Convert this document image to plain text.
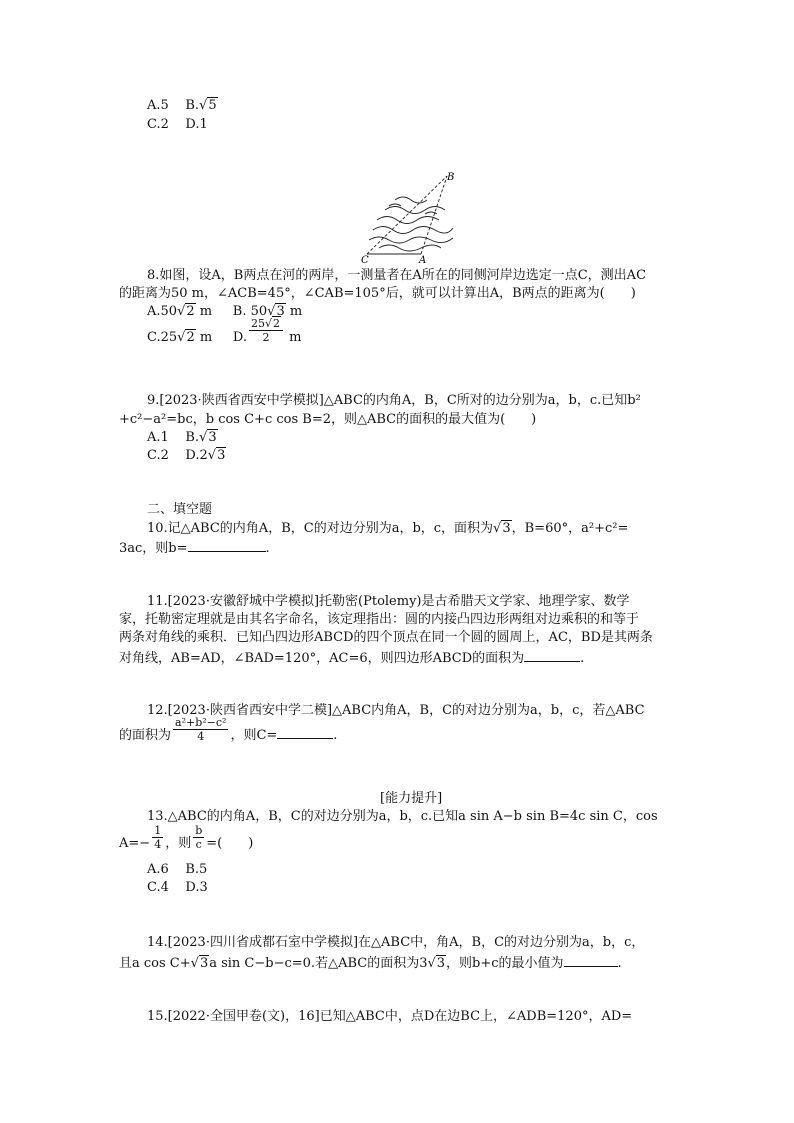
A.5 B.√5
C.2 D.1
B
C	A
8.如图，设A，B两点在河的两岸，一测量者在A所在的同侧河岸边选定一点C，测出AC
的距离为50 m，∠ACB=45°，∠CAB=105°后，就可以计算出A，B两点的距离为(　　)
A.50√2 m B. 50√3 m
C.25√2 m D. $\frac{25√2}{2}$ m
9.[2023·陕西省西安中学模拟]△ABC的内角A，B，C所对的边分别为a，b，c.已知b²
+c²−a²=bc，b cos C+c cos B=2，则△ABC的面积的最大值为(　　)
A.1 B.√3
C.2 D.2√3
二、填空题
10.记△ABC的内角A，B，C的对边分别为a，b，c，面积为√3，B=60°，a²+c²=
3ac，则b=	.
11.[2023·安徽舒城中学模拟]托勒密(Ptolemy)是古希腊天文学家、地理学家、数学
家，托勒密定理就是由其名字命名，该定理指出：圆的内接凸四边形两组对边乘积的和等于
两条对角线的乘积．已知凸四边形ABCD的四个顶点在同一个圆的圆周上，AC，BD是其两条
对角线，AB=AD，∠BAD=120°，AC=6，则四边形ABCD的面积为	.
12.[2023·陕西省西安中学二模]△ABC内角A，B，C的对边分别为a，b，c，若△ABC
的面积为 $\frac{\text{a²+b²−c²}}{4}$ ，则C=	.
[能力提升]
13.△ABC的内角A，B，C的对边分别为a，b，c.已知a sin A−b sin B=4c sin C，cos
$A=- \frac{1}{4}$ ，则 $\frac{b}{c}$ =(　　)
A.6 B.5
C.4 D.3
14.[2023·四川省成都石室中学模拟]在△ABC中，角A，B，C的对边分别为a，b，c，
且a cos C+√3a sin C−b−c=0.若△ABC的面积为3√3，则b+c的最小值为	.
15.[2022·全国甲卷(文)，16]已知△ABC中，点D在边BC上，∠ADB=120°，AD=
